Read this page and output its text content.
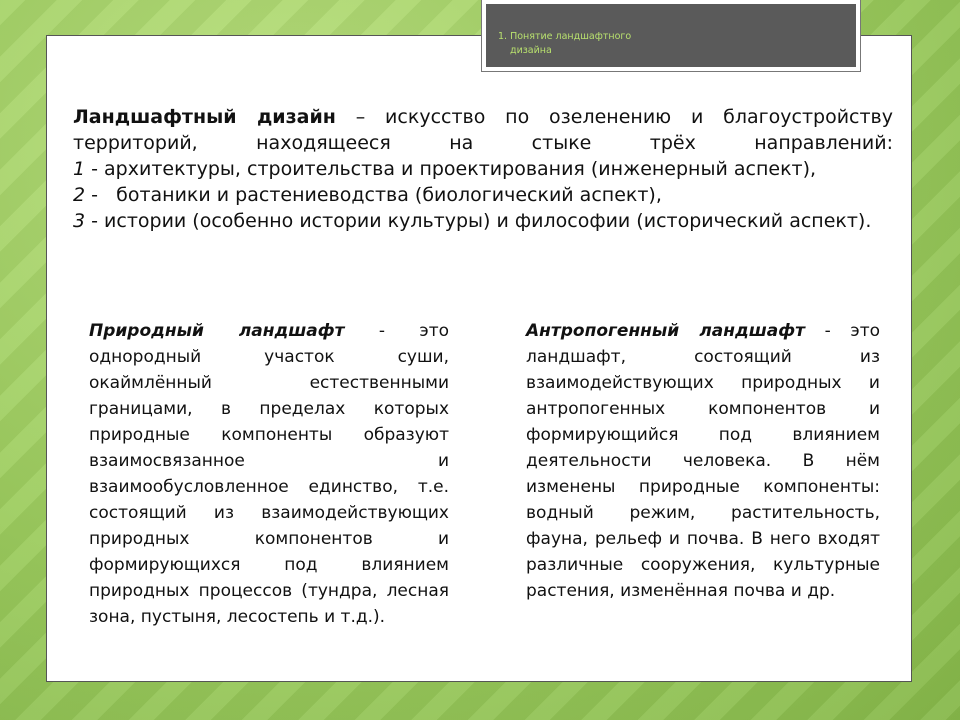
1. Понятие ландшафтного
дизайна

Ландшафтный дизайн – искусство по озеленению и благоустройству территорий, находящееся на стыке трёх направлений:

1 - архитектуры, строительства и проектирования (инженерный аспект),

2 -   ботаники и растениеводства (биологический аспект),

3 - истории (особенно истории культуры) и философии (исторический аспект).

Природный ландшафт - это однородный участок суши, окаймлённый естественными границами, в пределах которых природные компоненты образуют взаимосвязанное и взаимообусловленное единство, т.е. состоящий из взаимодействующих природных компонентов и формирующихся под влиянием природных процессов (тундра, лесная зона, пустыня, лесостепь и т.д.).

Антропогенный ландшафт - это ландшафт, состоящий из взаимодействующих природных и антропогенных компонентов и формирующийся под влиянием деятельности человека. В нём изменены природные компоненты: водный режим, растительность, фауна, рельеф и почва. В него входят различные сооружения, культурные растения, изменённая почва и др.
